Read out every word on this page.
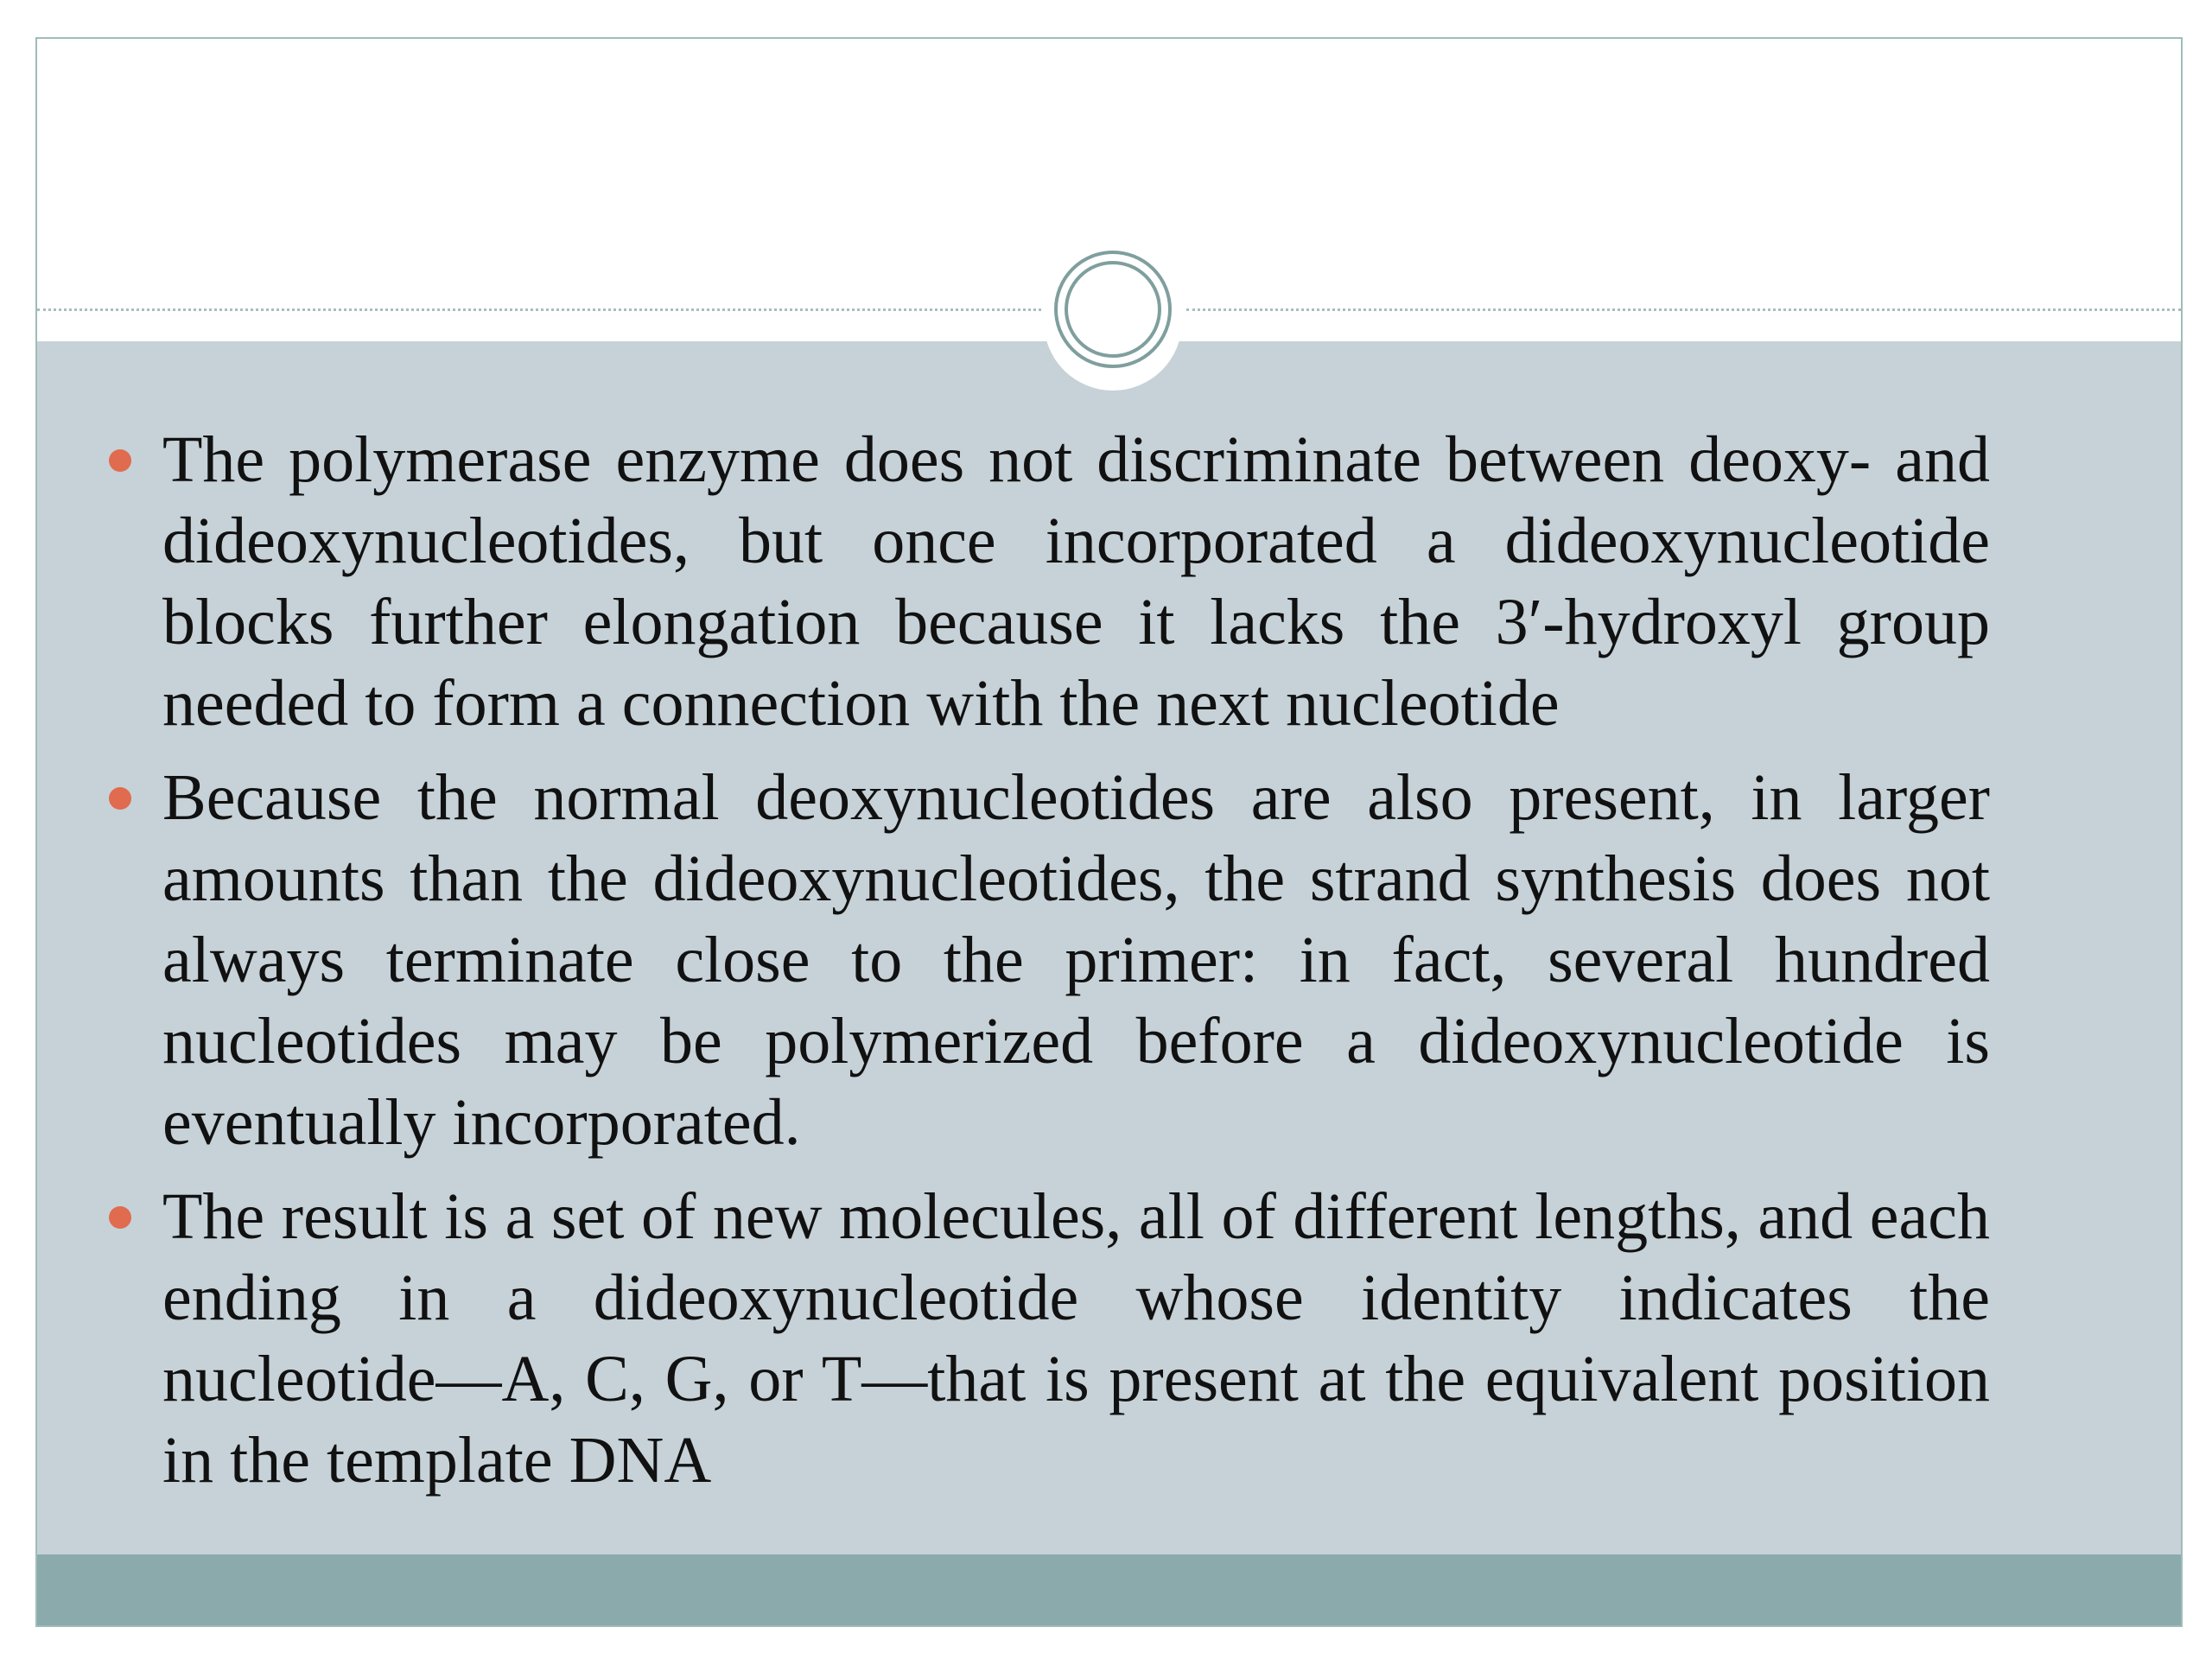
The polymerase enzyme does not discriminate between deoxy- and dideoxynucleotides, but once incorporated a dideoxynucleotide blocks further elongation because it lacks the 3′-hydroxyl group needed to form a connection with the next nucleotide
Because the normal deoxynucleotides are also present, in larger amounts than the dideoxynucleotides, the strand synthesis does not always terminate close to the primer: in fact, several hundred nucleotides may be polymerized before a dideoxynucleotide is eventually incorporated.
The result is a set of new molecules, all of different lengths, and each ending in a dideoxynucleotide whose identity indicates the nucleotide—A, C, G, or T—that is present at the equivalent position in the template DNA
